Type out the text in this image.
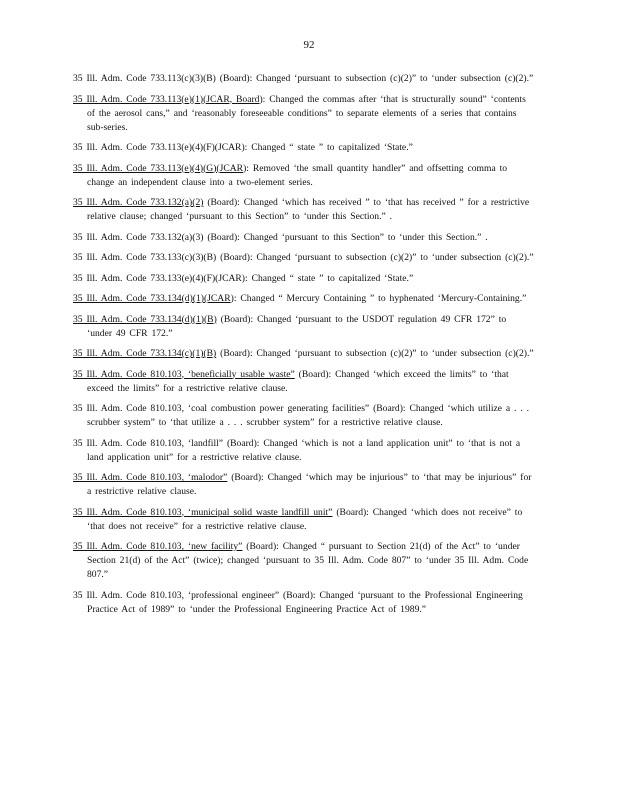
92

35 Ill. Adm. Code 733.113(c)(3)(B) (Board): Changed ‘pursuant to subsection (c)(2)” to ‘under subsection (c)(2).”

35 Ill. Adm. Code 733.113(e)(1)(JCAR, Board): Changed the commas after ‘that is structurally sound” ‘contents of the aerosol cans,” and ‘reasonably foreseeable conditions” to separate elements of a series that contains sub-series.

35 Ill. Adm. Code 733.113(e)(4)(F)(JCAR): Changed “ state ” to capitalized ‘State.”

35 Ill. Adm. Code 733.113(e)(4)(G)(JCAR): Removed ‘the small quantity handler” and offsetting comma to change an independent clause into a two-element series.

35 Ill. Adm. Code 733.132(a)(2) (Board): Changed ‘which has received ” to ‘that has received ” for a restrictive relative clause; changed ‘pursuant to this Section” to ‘under this Section.” .

35 Ill. Adm. Code 733.132(a)(3) (Board): Changed ‘pursuant to this Section” to ‘under this Section.” .

35 Ill. Adm. Code 733.133(c)(3)(B) (Board): Changed ‘pursuant to subsection (c)(2)” to ‘under subsection (c)(2).”

35 Ill. Adm. Code 733.133(e)(4)(F)(JCAR): Changed “ state ” to capitalized ‘State.”

35 Ill. Adm. Code 733.134(d)(1)(JCAR): Changed “ Mercury Containing ” to hyphenated ‘Mercury-Containing.”

35 Ill. Adm. Code 733.134(d)(1)(B) (Board): Changed ‘pursuant to the USDOT regulation 49 CFR 172” to ‘under 49 CFR 172.”

35 Ill. Adm. Code 733.134(c)(1)(B) (Board): Changed ‘pursuant to subsection (c)(2)” to ‘under subsection (c)(2).”

35 Ill. Adm. Code 810.103, ‘beneficially usable waste” (Board): Changed ‘which exceed the limits” to ‘that exceed the limits” for a restrictive relative clause.

35 Ill. Adm. Code 810.103, ‘coal combustion power generating facilities” (Board): Changed ‘which utilize a . . . scrubber system” to ‘that utilize a . . . scrubber system” for a restrictive relative clause.

35 Ill. Adm. Code 810.103, ‘landfill” (Board): Changed ‘which is not a land application unit” to ‘that is not a land application unit” for a restrictive relative clause.

35 Ill. Adm. Code 810.103, ‘malodor” (Board): Changed ‘which may be injurious” to ‘that may be injurious” for a restrictive relative clause.

35 Ill. Adm. Code 810.103, ‘municipal solid waste landfill unit” (Board): Changed ‘which does not receive” to ‘that does not receive” for a restrictive relative clause.

35 Ill. Adm. Code 810.103, ‘new facility” (Board): Changed “ pursuant to Section 21(d) of the Act” to ‘under Section 21(d) of the Act” (twice); changed ‘pursuant to 35 Ill. Adm. Code 807” to ‘under 35 Ill. Adm. Code 807.”

35 Ill. Adm. Code 810.103, ‘professional engineer” (Board): Changed ‘pursuant to the Professional Engineering Practice Act of 1989” to ‘under the Professional Engineering Practice Act of 1989.”
